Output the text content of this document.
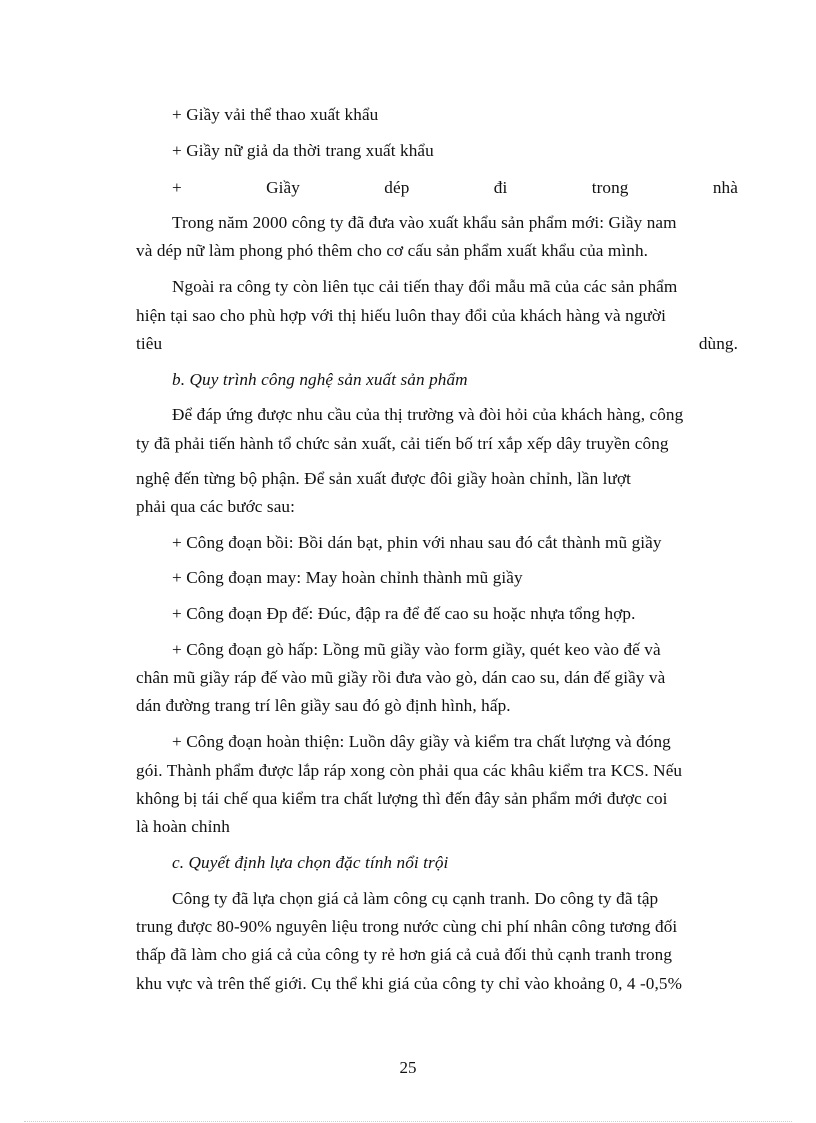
+ Giầy vải thể thao xuất khẩu
+ Giầy nữ giả da thời trang xuất khẩu
+	Giầy	dép	đi	trong	nhà
Trong năm 2000 công ty đã đưa vào xuất khẩu sản phẩm mới: Giầy nam
và dép nữ làm phong phó thêm cho cơ cấu sản phẩm xuất khẩu của mình.
Ngoài ra công ty còn liên tục cải tiến thay đổi mẫu mã của các sản phẩm
hiện tại sao cho phù hợp với thị hiếu luôn thay đổi của khách hàng và người
tiêu	dùng.
b. Quy trình công nghệ sản xuất sản phẩm
Để đáp ứng được nhu cầu của thị trường và đòi hỏi của khách hàng, công
ty đã phải tiến hành tổ chức sản xuất, cải tiến bố trí xắp xếp dây truyền công
nghệ đến từng bộ phận. Để sản xuất được đôi giầy hoàn chỉnh, lần lượt
phải qua các bước sau:
+ Công đoạn bồi: Bồi dán bạt, phin với nhau sau đó cắt thành mũ giầy
+ Công đoạn may: May hoàn chỉnh thành mũ giầy
+ Công đoạn Đp đế: Đúc, đập ra để đế cao su hoặc nhựa tổng hợp.
+ Công đoạn gò hấp: Lồng mũ giầy vào form giầy, quét keo vào đế và
chân mũ giầy ráp đế vào mũ giầy rồi đưa vào gò, dán cao su, dán đế giầy và
dán đường trang trí lên giầy sau đó gò định hình, hấp.
+ Công đoạn hoàn thiện: Luồn dây giầy và kiểm tra chất lượng và đóng
gói. Thành phẩm được lắp ráp xong còn phải qua các khâu kiểm tra KCS. Nếu
không bị tái chế qua kiểm tra chất lượng thì đến đây sản phẩm mới được coi
là hoàn chỉnh
c. Quyết định lựa chọn đặc tính nổi trội
Công ty đã lựa chọn giá cả làm công cụ cạnh tranh. Do công ty đã tập
trung được 80-90% nguyên liệu trong nước cùng chi phí nhân công tương đối
thấp đã làm cho giá cả của công ty rẻ hơn giá cả cuả đối thủ cạnh tranh trong
khu vực và trên thế giới. Cụ thể khi giá của công ty chỉ vào khoảng 0, 4 -0,5%
25
